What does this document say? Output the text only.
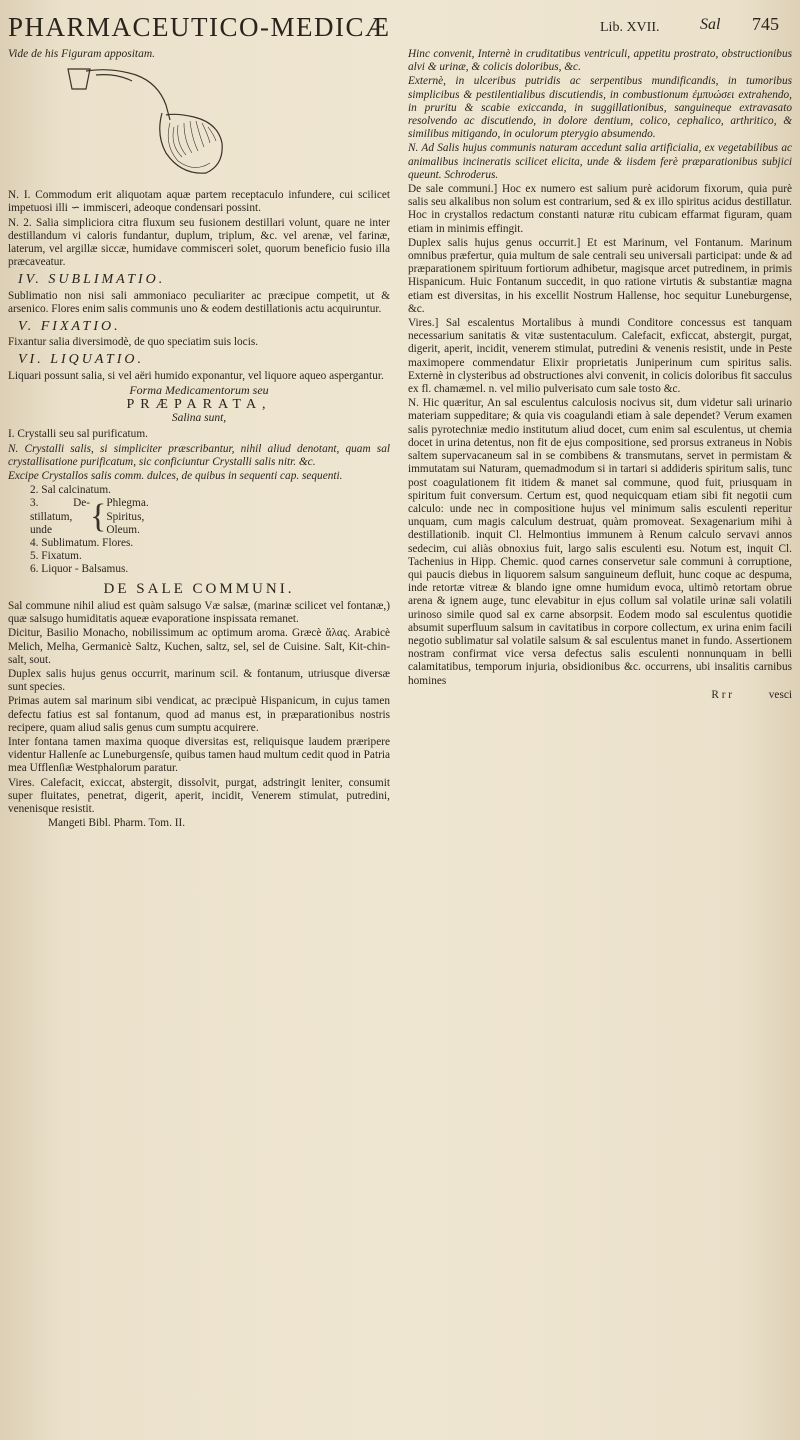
PHARMACEUTICO-MEDICÆ	Lib. XVII.	Sal 745

Vide de his Figuram appositam.

N. I. Commodum erit aliquotam aquæ partem receptaculo infundere, cui scilicet impetuosi illi ∽ immisceri, adeoque condensari possint.

N. 2. Salia simpliciora citra fluxum seu fusionem destillari volunt, quare ne inter destillandum vi caloris fundantur, duplum, triplum, &c. vel arenæ, vel farinæ, laterum, vel argillæ siccæ, humidave commisceri solet, quorum beneficio fusio illa præcaveatur.

IV. SUBLIMATIO.

Sublimatio non nisi sali ammoniaco peculiariter ac præcipue competit, ut & arsenico. Flores enim salis communis uno & eodem destillationis actu acquiruntur.

V. FIXATIO.

Fixantur salia diversimodè, de quo speciatim suis locis.

VI. LIQUATIO.

Liquari possunt salia, si vel aëri humido exponantur, vel liquore aqueo aspergantur.

Forma Medicamentorum seu
PRÆPARATA,
Salina sunt,

I. Crystalli seu sal purificatum.

N. Crystalli salis, si simpliciter præscribantur, nihil aliud denotant, quam sal crystallisatione purificatum, sic conficiuntur Crystalli salis nitr. &c.

Excipe Crystallos salis comm. dulces, de quibus in sequenti cap. sequenti.

2. Sal calcinatum.
3. De- stillatum, unde	{ Phlegma.
Spiritus,
Oleum.
4. Sublimatum. Flores.
5. Fixatum.
6. Liquor - Balsamus.
DE SALE COMMUNI.

Sal commune nihil aliud est quàm salsugo Væ salsæ, (marinæ scilicet vel fontanæ,) quæ salsugo humiditatis aqueæ evaporatione inspissata remanet.

Dicitur, Basilio Monacho, nobilissimum ac optimum aroma. Græcè ἅλας. Arabicè Melich, Melha, Germanicè Saltz, Kuchen, saltz, sel, sel de Cuisine. Salt, Kit-chin-salt, sout.

Duplex salis hujus genus occurrit, marinum scil. & fontanum, utriusque diversæ sunt species.

Primas autem sal marinum sibi vendicat, ac præcipuè Hispanicum, in cujus tamen defectu fatius est sal fontanum, quod ad manus est, in præparationibus nostris recipere, quam aliud salis genus cum sumptu acquirere.

Inter fontana tamen maxima quoque diversitas est, reliquisque laudem præripere videntur Hallenſe ac Luneburgensſe, quibus tamen haud multum cedit quod in Patria mea Ufflenſiæ Westphalorum paratur.

Vires. Calefacit, exiccat, abstergit, dissolvit, purgat, adstringit leniter, consumit super fluitates, penetrat, digerit, aperit, incidit, Venerem stimulat, putredini, venenisque resistit.

Mangeti Bibl. Pharm. Tom. II.

Hinc convenit, Internè in cruditatibus ventriculi, appetitu prostrato, obstructionibus alvi & urinæ, & colicis doloribus, &c.

Externè, in ulceribus putridis ac serpentibus mundificandis, in tumoribus simplicibus & pestilentialibus discutiendis, in combustionum ἐμπυώσει extrahendo, in pruritu & scabie exiccanda, in suggillationibus, sanguineque extravasato resolvendo ac discutiendo, in dolore dentium, colico, cephalico, arthritico, & similibus mitigando, in oculorum pterygio absumendo.

N. Ad Salis hujus communis naturam accedunt salia artificialia, ex vegetabilibus ac animalibus incineratis scilicet elicita, unde & iisdem ferè præparationibus subjici queunt. Schroderus.

De sale communi.] Hoc ex numero est salium purè acidorum fixorum, quia purè salis seu alkalibus non solum est contrarium, sed & ex illo spiritus acidus destillatur. Hoc in crystallos redactum constanti naturæ ritu cubicam effarmat figuram, quam etiam in minimis effingit.

Duplex salis hujus genus occurrit.] Et est Marinum, vel Fontanum. Marinum omnibus præfertur, quia multum de sale centrali seu universali participat: unde & ad præparationem spirituum fortiorum adhibetur, magisque arcet putredinem, in primis Hispanicum. Huic Fontanum succedit, in quo ratione virtutis & substantiæ magna etiam est diversitas, in his excellit Nostrum Hallense, hoc sequitur Luneburgense, &c.

Vires.] Sal escalentus Mortalibus à mundi Conditore concessus est tanquam necessarium sanitatis & vitæ sustentaculum. Calefacit, exficcat, abstergit, purgat, digerit, aperit, incidit, venerem stimulat, putredini & venenis resistit, unde in Peste maximopere commendatur Elixir proprietatis Juniperinum cum spiritus salis. Externè in clysteribus ad obstructiones alvi convenit, in colicis doloribus fit sacculus ex fl. chamæmel. n. vel milio pulverisato cum sale tosto &c.

N. Hic quæritur, An sal esculentus calculosis nocivus sit, dum videtur sali urinario materiam suppeditare; & quia vis coagulandi etiam à sale dependet? Verum examen salis pyrotechniæ medio institutum aliud docet, cum enim sal esculentus, ut chemia docet in urina detentus, non fit de ejus compositione, sed prorsus extraneus in Nobis saltem supervacaneum sal in se combibens & transmutans, servet in permistam & immutatam sui Naturam, quemadmodum si in tartari si addideris spiritum salis, tunc post coagulationem fit itidem & manet sal commune, quod fuit, priusquam in spiritum fuit conversum. Certum est, quod nequicquam etiam sibi fit negotii cum calculo: unde nec in compositione hujus vel minimum salis esculenti reperitur unquam, cum magis calculum destruat, quàm promoveat. Sexagenarium mihi à destillationib. inquit Cl. Helmontius immunem à Renum calculo servavi annos sedecim, cui aliàs obnoxius fuit, largo salis esculenti esu. Notum est, inquit Cl. Tachenius in Hipp. Chemic. quod carnes conservetur sale communi à corruptione, qui paucis diebus in liquorem salsum sanguineum defluit, hunc coque ac despuma, inde retortæ vitreæ & blando igne omne humidum evoca, ultimò retortam obrue arena & ignem auge, tunc elevabitur in ejus collum sal volatile urinæ sali volatili urinoso simile quod sal ex carne absorpsit. Eodem modo sal esculentus quotidie absumit superfluum salsum in cavitatibus in corpore collectum, ex urina enim facili negotio sublimatur sal volatile salsum & sal esculentus manet in fundo. Assertionem nostram confirmat vice versa defectus salis esculenti nonnunquam in belli calamitatibus, temporum injuria, obsidionibus &c. occurrens, ubi insalitis carnibus homines

R r r	vesci
